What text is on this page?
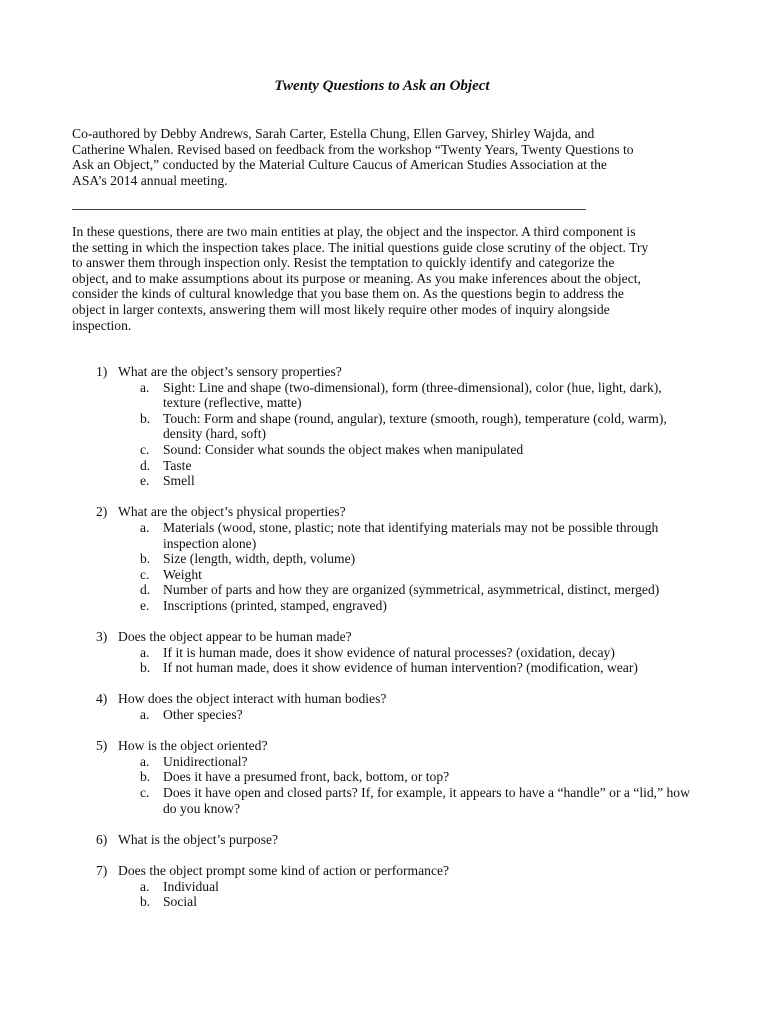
Twenty Questions to Ask an Object

Co-authored by Debby Andrews, Sarah Carter, Estella Chung, Ellen Garvey, Shirley Wajda, and Catherine Whalen. Revised based on feedback from the workshop “Twenty Years, Twenty Questions to Ask an Object,” conducted by the Material Culture Caucus of American Studies Association at the ASA’s 2014 annual meeting.

In these questions, there are two main entities at play, the object and the inspector. A third component is the setting in which the inspection takes place. The initial questions guide close scrutiny of the object. Try to answer them through inspection only. Resist the temptation to quickly identify and categorize the object, and to make assumptions about its purpose or meaning. As you make inferences about the object, consider the kinds of cultural knowledge that you base them on. As the questions begin to address the object in larger contexts, answering them will most likely require other modes of inquiry alongside inspection.

1) What are the object’s sensory properties?
a. Sight: Line and shape (two-dimensional), form (three-dimensional), color (hue, light, dark), texture (reflective, matte)
b. Touch: Form and shape (round, angular), texture (smooth, rough), temperature (cold, warm), density (hard, soft)
c. Sound: Consider what sounds the object makes when manipulated
d. Taste
e. Smell
2) What are the object’s physical properties?
a. Materials (wood, stone, plastic; note that identifying materials may not be possible through inspection alone)
b. Size (length, width, depth, volume)
c. Weight
d. Number of parts and how they are organized (symmetrical, asymmetrical, distinct, merged)
e. Inscriptions (printed, stamped, engraved)
3) Does the object appear to be human made?
a. If it is human made, does it show evidence of natural processes? (oxidation, decay)
b. If not human made, does it show evidence of human intervention? (modification, wear)
4) How does the object interact with human bodies?
a. Other species?
5) How is the object oriented?
a. Unidirectional?
b. Does it have a presumed front, back, bottom, or top?
c. Does it have open and closed parts? If, for example, it appears to have a “handle” or a “lid,” how do you know?
6) What is the object’s purpose?
7) Does the object prompt some kind of action or performance?
a. Individual
b. Social
